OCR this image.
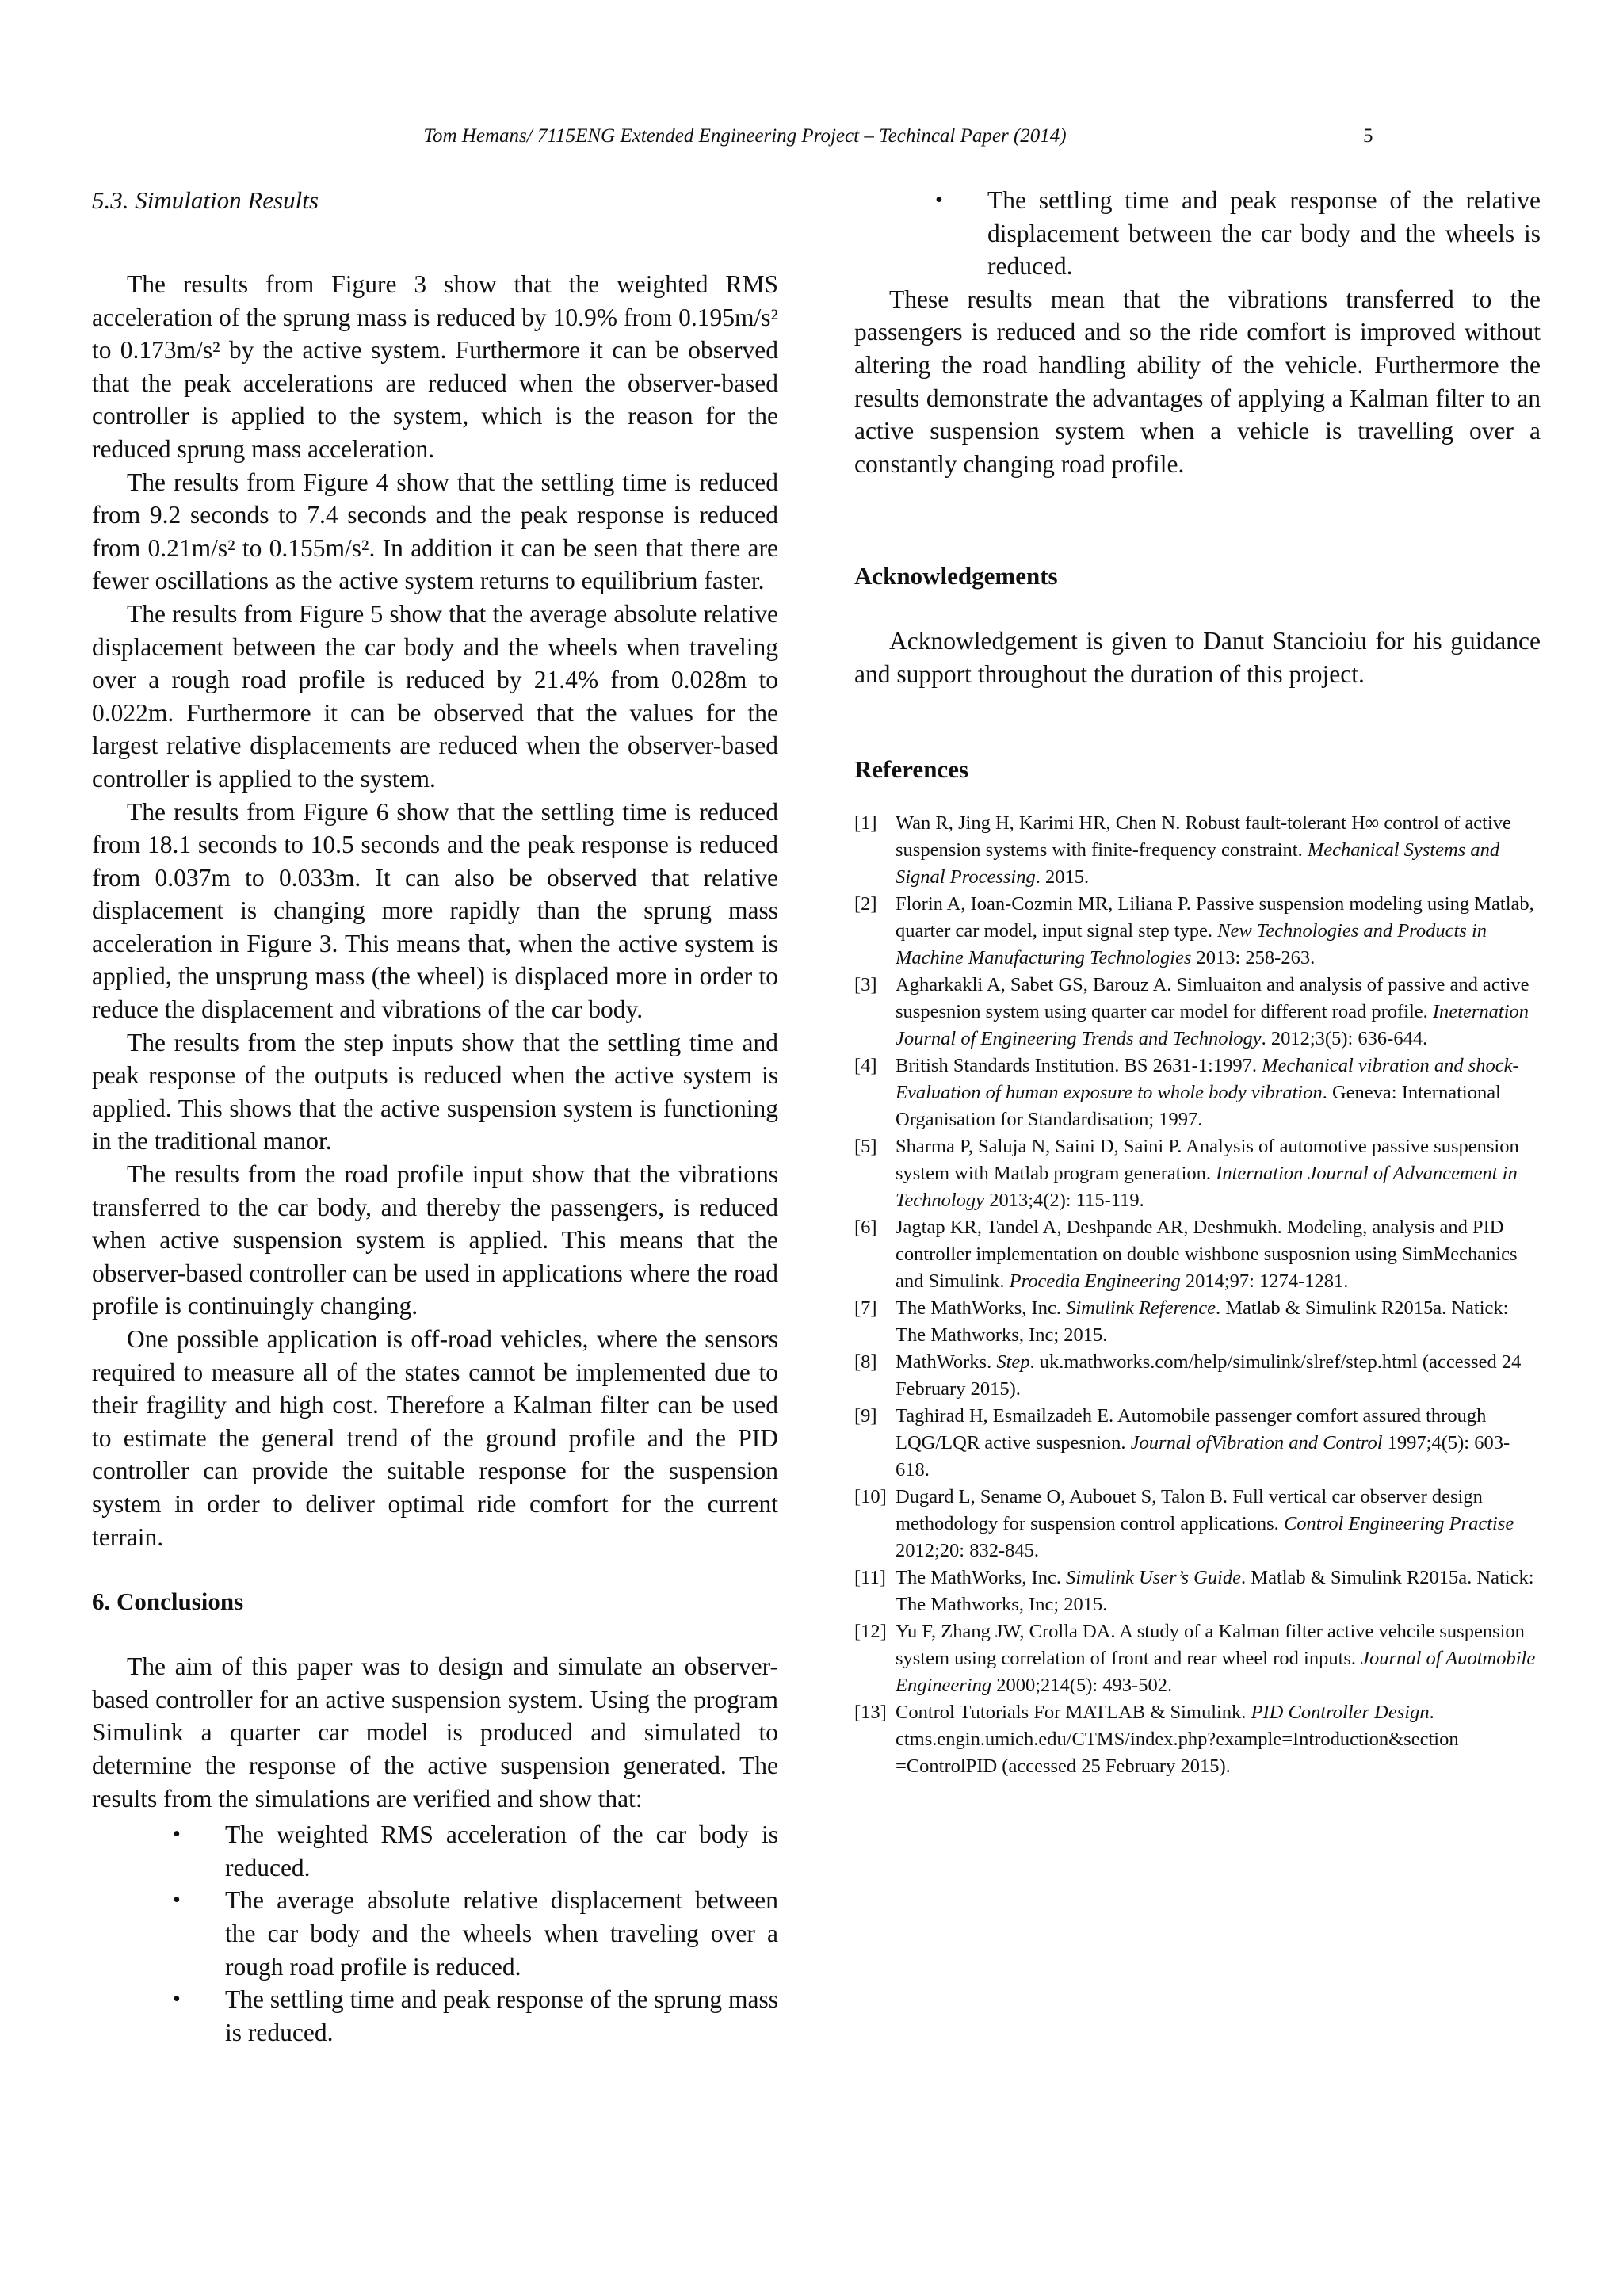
Tom Hemans/ 7115ENG Extended Engineering Project – Techincal Paper (2014)	5
5.3. Simulation Results

The results from Figure 3 show that the weighted RMS acceleration of the sprung mass is reduced by 10.9% from 0.195m/s² to 0.173m/s² by the active system. Furthermore it can be observed that the peak accelerations are reduced when the observer-based controller is applied to the system, which is the reason for the reduced sprung mass acceleration.

The results from Figure 4 show that the settling time is reduced from 9.2 seconds to 7.4 seconds and the peak response is reduced from 0.21m/s² to 0.155m/s². In addition it can be seen that there are fewer oscillations as the active system returns to equilibrium faster.

The results from Figure 5 show that the average absolute relative displacement between the car body and the wheels when traveling over a rough road profile is reduced by 21.4% from 0.028m to 0.022m. Furthermore it can be observed that the values for the largest relative displacements are reduced when the observer-based controller is applied to the system.

The results from Figure 6 show that the settling time is reduced from 18.1 seconds to 10.5 seconds and the peak response is reduced from 0.037m to 0.033m. It can also be observed that relative displacement is changing more rapidly than the sprung mass acceleration in Figure 3. This means that, when the active system is applied, the unsprung mass (the wheel) is displaced more in order to reduce the displacement and vibrations of the car body.

The results from the step inputs show that the settling time and peak response of the outputs is reduced when the active system is applied. This shows that the active suspension system is functioning in the traditional manor.

The results from the road profile input show that the vibrations transferred to the car body, and thereby the passengers, is reduced when active suspension system is applied. This means that the observer-based controller can be used in applications where the road profile is continuingly changing.

One possible application is off-road vehicles, where the sensors required to measure all of the states cannot be implemented due to their fragility and high cost. Therefore a Kalman filter can be used to estimate the general trend of the ground profile and the PID controller can provide the suitable response for the suspension system in order to deliver optimal ride comfort for the current terrain.

6. Conclusions

The aim of this paper was to design and simulate an observer-based controller for an active suspension system. Using the program Simulink a quarter car model is produced and simulated to determine the response of the active suspension generated. The results from the simulations are verified and show that:

• The weighted RMS acceleration of the car body is reduced.
• The average absolute relative displacement between the car body and the wheels when traveling over a rough road profile is reduced.
• The settling time and peak response of the sprung mass is reduced.
• The settling time and peak response of the relative displacement between the car body and the wheels is reduced.

These results mean that the vibrations transferred to the passengers is reduced and so the ride comfort is improved without altering the road handling ability of the vehicle. Furthermore the results demonstrate the advantages of applying a Kalman filter to an active suspension system when a vehicle is travelling over a constantly changing road profile.

Acknowledgements

Acknowledgement is given to Danut Stancioiu for his guidance and support throughout the duration of this project.

References
[1] Wan R, Jing H, Karimi HR, Chen N. Robust fault-tolerant H∞ control of active suspension systems with finite-frequency constraint. Mechanical Systems and Signal Processing. 2015.
[2] Florin A, Ioan-Cozmin MR, Liliana P. Passive suspension modeling using Matlab, quarter car model, input signal step type. New Technologies and Products in Machine Manufacturing Technologies 2013: 258-263.
[3] Agharkakli A, Sabet GS, Barouz A. Simluaiton and analysis of passive and active suspesnion system using quarter car model for different road profile. Ineternation Journal of Engineering Trends and Technology. 2012;3(5): 636-644.
[4] British Standards Institution. BS 2631-1:1997. Mechanical vibration and shock- Evaluation of human exposure to whole body vibration. Geneva: International Organisation for Standardisation; 1997.
[5] Sharma P, Saluja N, Saini D, Saini P. Analysis of automotive passive suspension system with Matlab program generation. Internation Journal of Advancement in Technology 2013;4(2): 115-119.
[6] Jagtap KR, Tandel A, Deshpande AR, Deshmukh. Modeling, analysis and PID controller implementation on double wishbone susposnion using SimMechanics and Simulink. Procedia Engineering 2014;97: 1274-1281.
[7] The MathWorks, Inc. Simulink Reference. Matlab & Simulink R2015a. Natick: The Mathworks, Inc; 2015.
[8] MathWorks. Step. uk.mathworks.com/help/simulink/slref/step.html (accessed 24 February 2015).
[9] Taghirad H, Esmailzadeh E. Automobile passenger comfort assured through LQG/LQR active suspesnion. Journal ofVibration and Control 1997;4(5): 603-618.
[10] Dugard L, Sename O, Aubouet S, Talon B. Full vertical car observer design methodology for suspension control applications. Control Engineering Practise 2012;20: 832-845.
[11] The MathWorks, Inc. Simulink User’s Guide. Matlab & Simulink R2015a. Natick: The Mathworks, Inc; 2015.
[12] Yu F, Zhang JW, Crolla DA. A study of a Kalman filter active vehcile suspension system using correlation of front and rear wheel rod inputs. Journal of Auotmobile Engineering 2000;214(5): 493-502.
[13] Control Tutorials For MATLAB & Simulink. PID Controller Design. ctms.engin.umich.edu/CTMS/index.php?example=Introduction&section =ControlPID (accessed 25 February 2015).
